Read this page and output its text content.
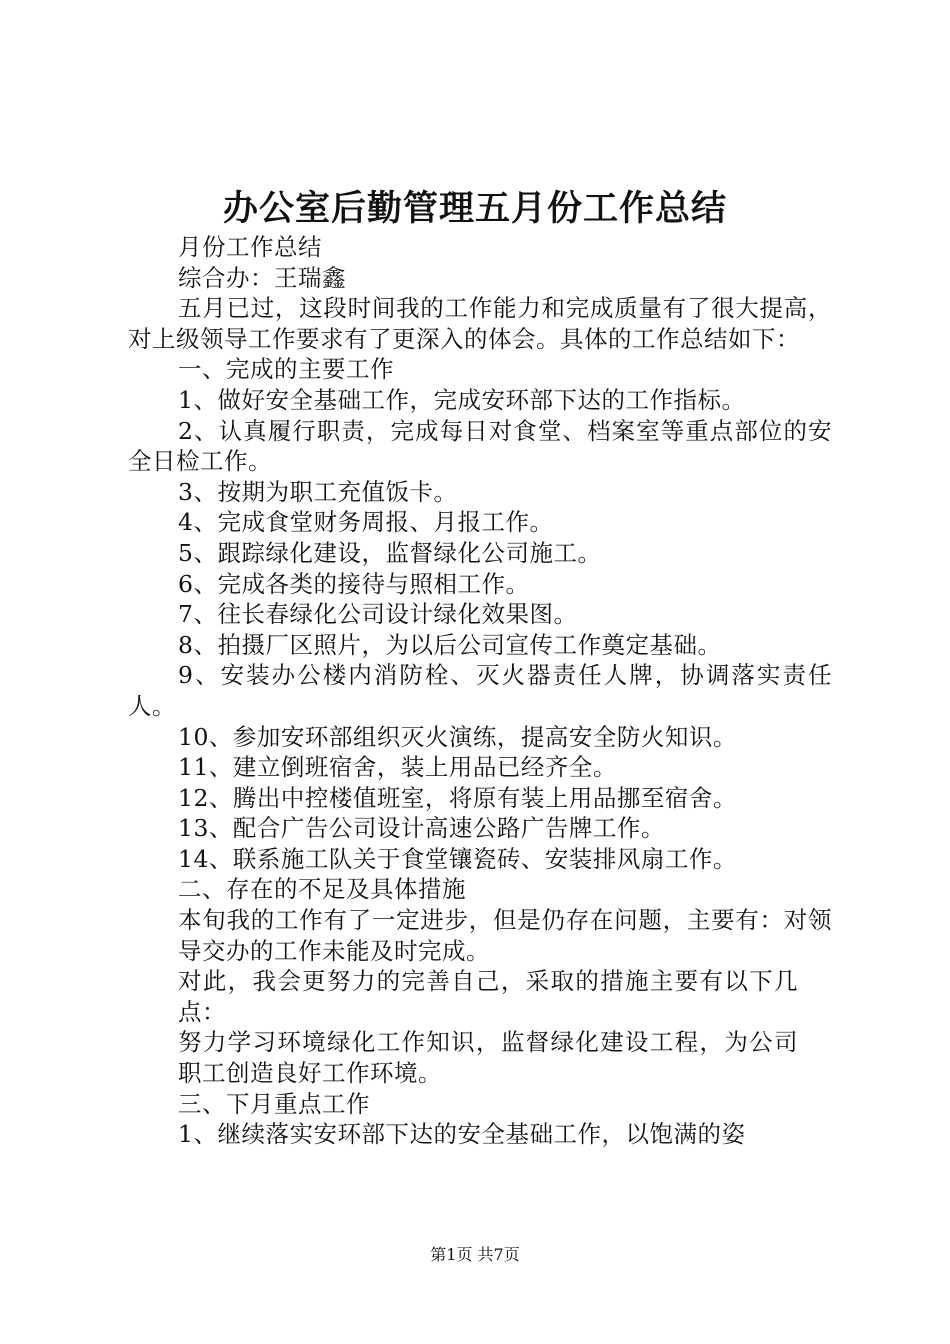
办公室后勤管理五月份工作总结

月份工作总结

综合办：王瑞鑫

五月已过，这段时间我的工作能力和完成质量有了很大提高，对上级领导工作要求有了更深入的体会。具体的工作总结如下：

一、完成的主要工作

1、做好安全基础工作，完成安环部下达的工作指标。

2、认真履行职责，完成每日对食堂、档案室等重点部位的安全日检工作。

3、按期为职工充值饭卡。

4、完成食堂财务周报、月报工作。

5、跟踪绿化建设，监督绿化公司施工。

6、完成各类的接待与照相工作。

7、往长春绿化公司设计绿化效果图。

8、拍摄厂区照片，为以后公司宣传工作奠定基础。

9、安装办公楼内消防栓、灭火器责任人牌，协调落实责任人。

10、参加安环部组织灭火演练，提高安全防火知识。

11、建立倒班宿舍，装上用品已经齐全。

12、腾出中控楼值班室，将原有装上用品挪至宿舍。

13、配合广告公司设计高速公路广告牌工作。

14、联系施工队关于食堂镶瓷砖、安装排风扇工作。

二、存在的不足及具体措施

本旬我的工作有了一定进步，但是仍存在问题，主要有：对领导交办的工作未能及时完成。

对此，我会更努力的完善自己，采取的措施主要有以下几点：

努力学习环境绿化工作知识，监督绿化建设工程，为公司职工创造良好工作环境。

三、下月重点工作

1、继续落实安环部下达的安全基础工作，以饱满的姿

第1页 共7页
